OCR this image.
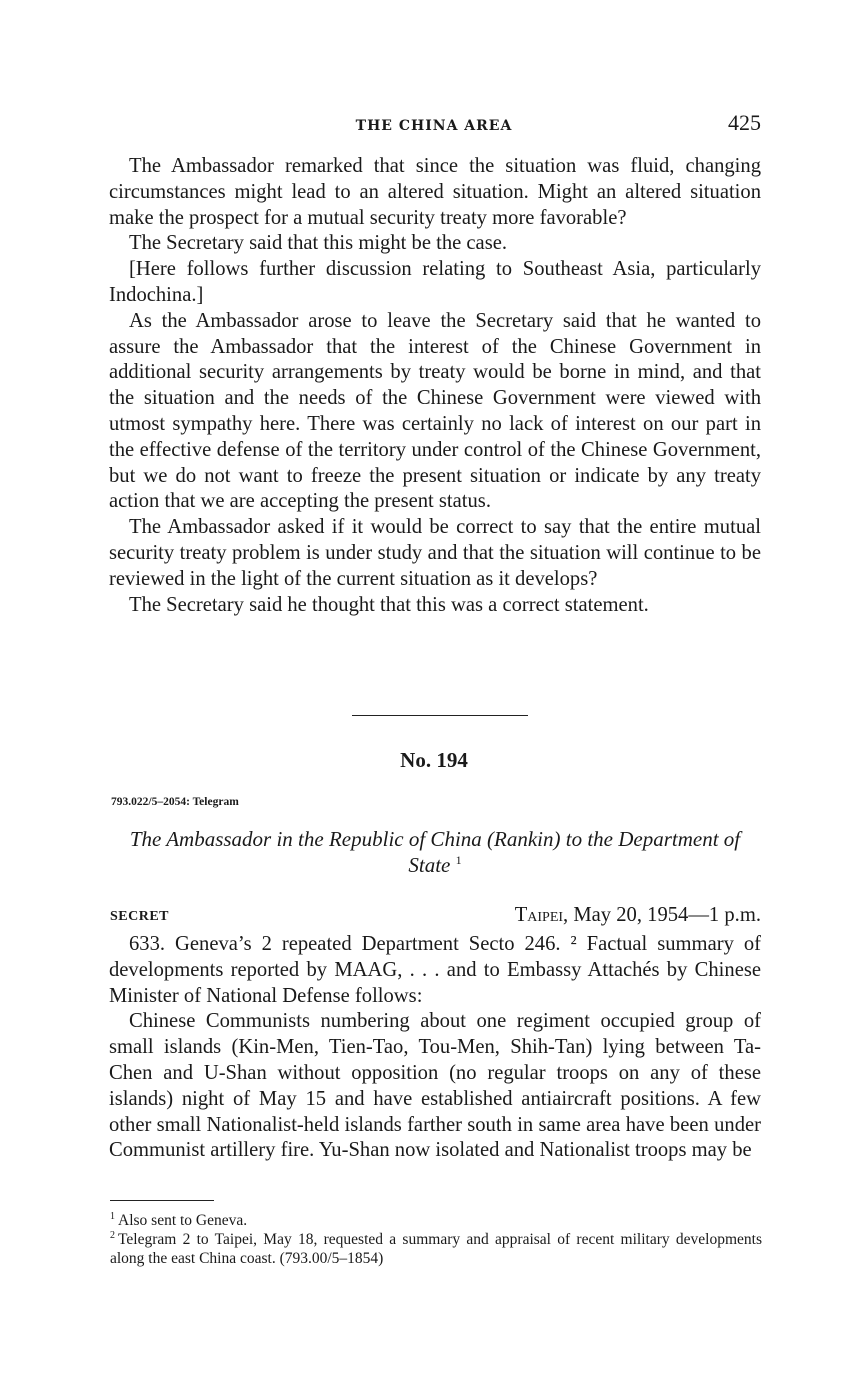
THE CHINA AREA	425

The Ambassador remarked that since the situation was fluid, changing circumstances might lead to an altered situation. Might an altered situation make the prospect for a mutual security treaty more favorable?

The Secretary said that this might be the case.

[Here follows further discussion relating to Southeast Asia, particularly Indochina.]

As the Ambassador arose to leave the Secretary said that he wanted to assure the Ambassador that the interest of the Chinese Government in additional security arrangements by treaty would be borne in mind, and that the situation and the needs of the Chinese Government were viewed with utmost sympathy here. There was certainly no lack of interest on our part in the effective defense of the territory under control of the Chinese Government, but we do not want to freeze the present situation or indicate by any treaty action that we are accepting the present status.

The Ambassador asked if it would be correct to say that the entire mutual security treaty problem is under study and that the situation will continue to be reviewed in the light of the current situation as it develops?

The Secretary said he thought that this was a correct statement.

No. 194
793.022/5–2054: Telegram
The Ambassador in the Republic of China (Rankin) to the Department of State $^1$
SECRET	Taipei, May 20, 1954—1 p.m.

633. Geneva’s 2 repeated Department Secto 246. ² Factual summary of developments reported by MAAG, . . . and to Embassy Attachés by Chinese Minister of National Defense follows:

Chinese Communists numbering about one regiment occupied group of small islands (Kin-Men, Tien-Tao, Tou-Men, Shih-Tan) lying between Ta-Chen and U-Shan without opposition (no regular troops on any of these islands) night of May 15 and have established antiaircraft positions. A few other small Nationalist-held islands farther south in same area have been under Communist artillery fire. Yu-Shan now isolated and Nationalist troops may be

$^1$ Also sent to Geneva.

$^2$ Telegram 2 to Taipei, May 18, requested a summary and appraisal of recent military developments along the east China coast. (793.00/5–1854)
